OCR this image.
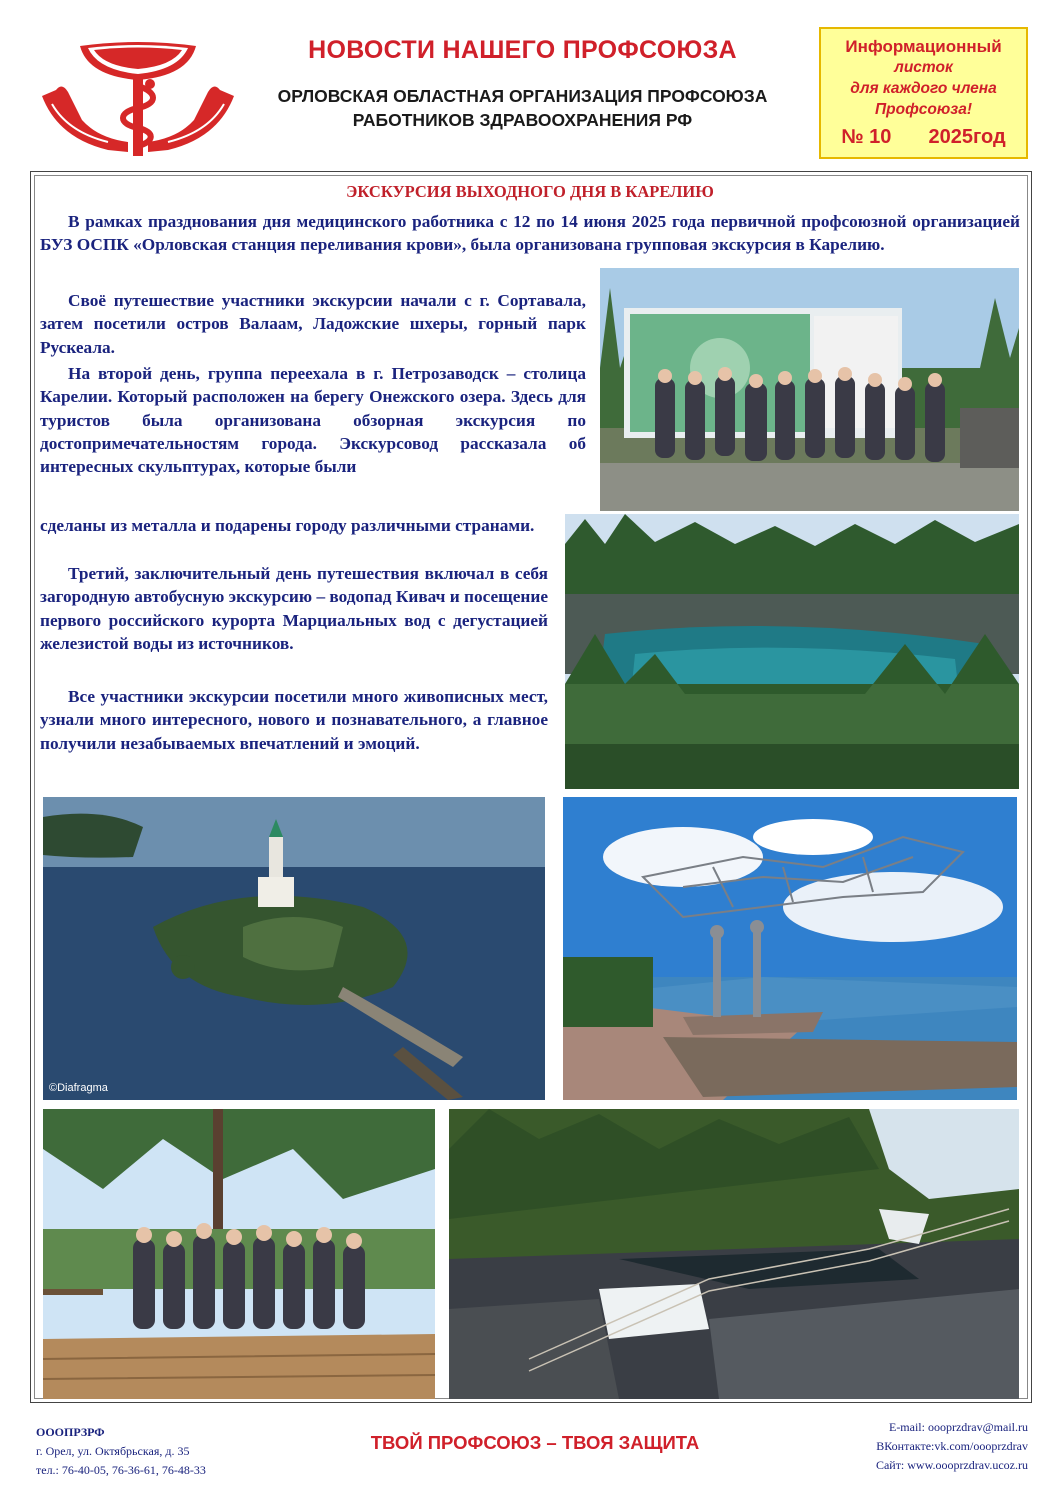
НОВОСТИ НАШЕГО ПРОФСОЮЗА
ОРЛОВСКАЯ ОБЛАСТНАЯ ОРГАНИЗАЦИЯ ПРОФСОЮЗА
РАБОТНИКОВ ЗДРАВООХРАНЕНИЯ РФ
Информационный
листок
для каждого члена
Профсоюза!
№ 10 2025год
ЭКСКУРСИЯ ВЫХОДНОГО ДНЯ В КАРЕЛИЮ

В рамках празднования дня медицинского работника с 12 по 14 июня 2025 года первичной профсоюзной организацией БУЗ ОСПК «Орловская станция переливания крови», была организована групповая экскурсия в Карелию.

Своё путешествие участники экскурсии начали с г. Сортавала, затем посетили остров Валаам, Ладожские шхеры, горный парк Рускеала.

На второй день, группа переехала в г. Петрозаводск – столица Карелии. Который расположен на берегу Онежского озера. Здесь для туристов была организована обзорная экскурсия по достопримечательностям города. Экскурсовод рассказала об интересных скульптурах, которые были

сделаны из металла и подарены городу различными странами.

Третий, заключительный день путешествия включал в себя загородную автобусную экскурсию – водопад Кивач и посещение первого российского курорта Марциальных вод с дегустацией железистой воды из источников.

Все участники экскурсии посетили много живописных мест, узнали много интересного, нового и познавательного, а главное получили незабываемых впечатлений и эмоций.

©Diafragma
ОООПРЗРФ
г. Орел, ул. Октябрьская, д. 35
тел.: 76-40-05, 76-36-61, 76-48-33
ТВОЙ ПРОФСОЮЗ – ТВОЯ ЗАЩИТА
E-mail: oooprzdrav@mail.ru
ВКонтакте:vk.com/oooprzdrav
Сайт: www.oooprzdrav.ucoz.ru
